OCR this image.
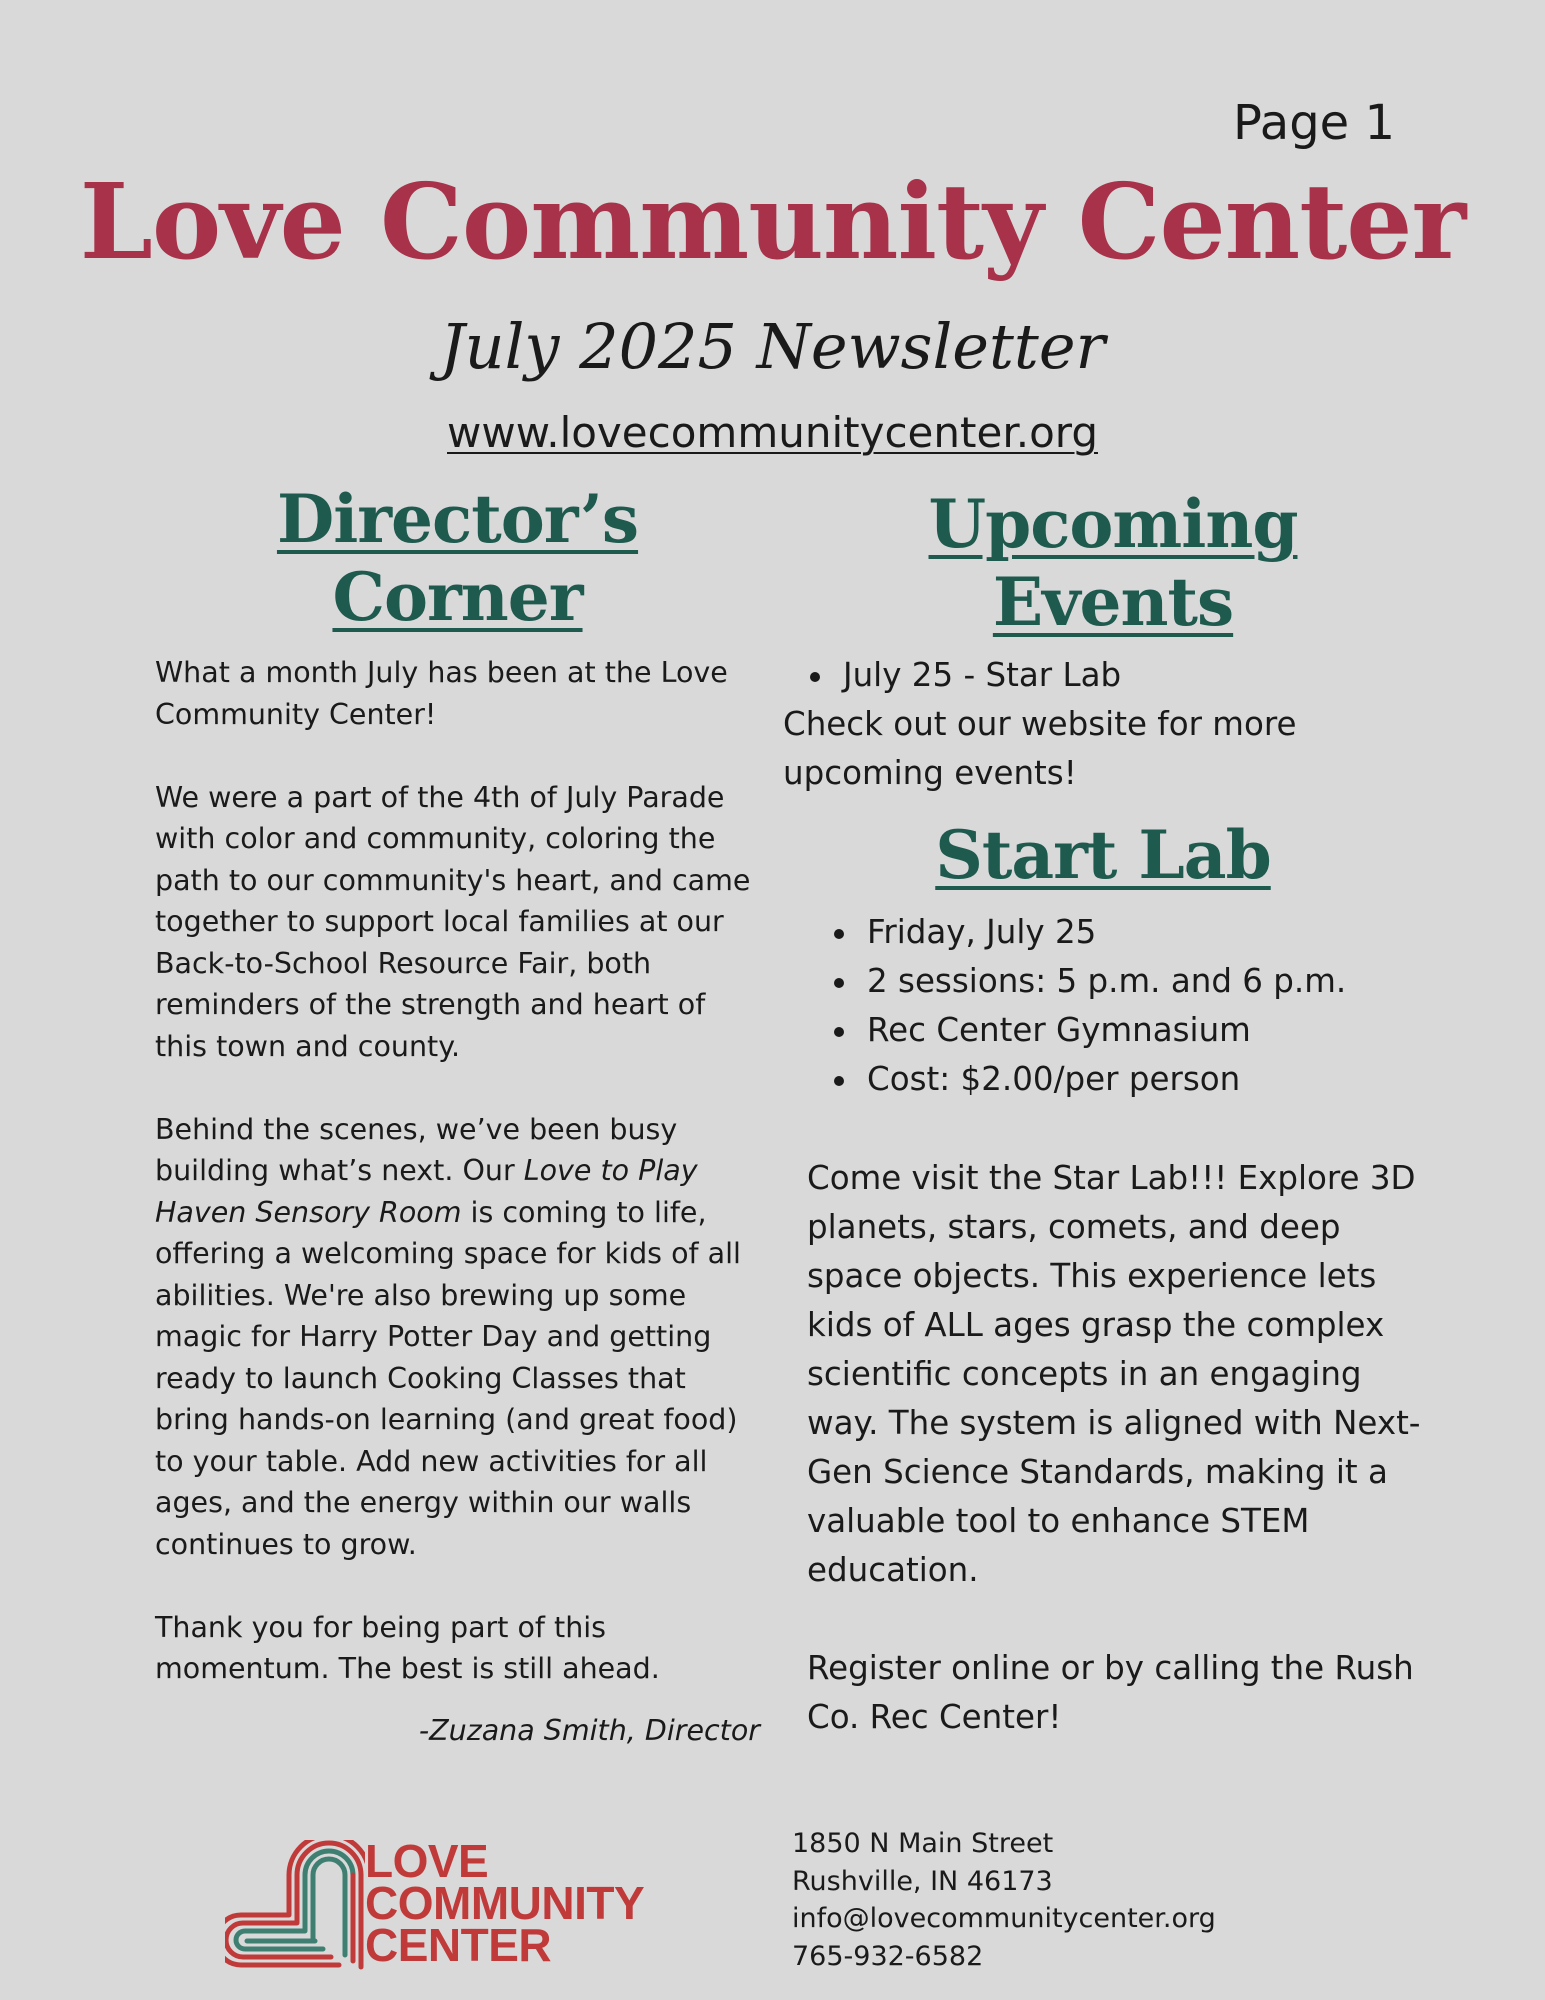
Page 1
Love Community Center
July 2025 Newsletter
www.lovecommunitycenter.org
Director’s Corner

What a month July has been at the Love Community Center!

We were a part of the 4th of July Parade with color and community, coloring the path to our community's heart, and came together to support local families at our Back-to-School Resource Fair, both reminders of the strength and heart of this town and county.

Behind the scenes, we’ve been busy building what’s next. Our Love to Play Haven Sensory Room is coming to life, offering a welcoming space for kids of all abilities. We're also brewing up some magic for Harry Potter Day and getting ready to launch Cooking Classes that bring hands-on learning (and great food) to your table. Add new activities for all ages, and the energy within our walls continues to grow.

Thank you for being part of this momentum. The best is still ahead.

-Zuzana Smith, Director

Upcoming Events
July 25 - Star Lab

Check out our website for more upcoming events!

Start Lab
Friday, July 25
2 sessions: 5 p.m. and 6 p.m.
Rec Center Gymnasium
Cost: $2.00/per person

Come visit the Star Lab!!! Explore 3D planets, stars, comets, and deep space objects. This experience lets kids of ALL ages grasp the complex scientific concepts in an engaging way. The system is aligned with Next-Gen Science Standards, making it a valuable tool to enhance STEM education.

Register online or by calling the Rush Co. Rec Center!

LOVE
COMMUNITY
CENTER
1850 N Main Street
Rushville, IN 46173
info@lovecommunitycenter.org
765-932-6582
